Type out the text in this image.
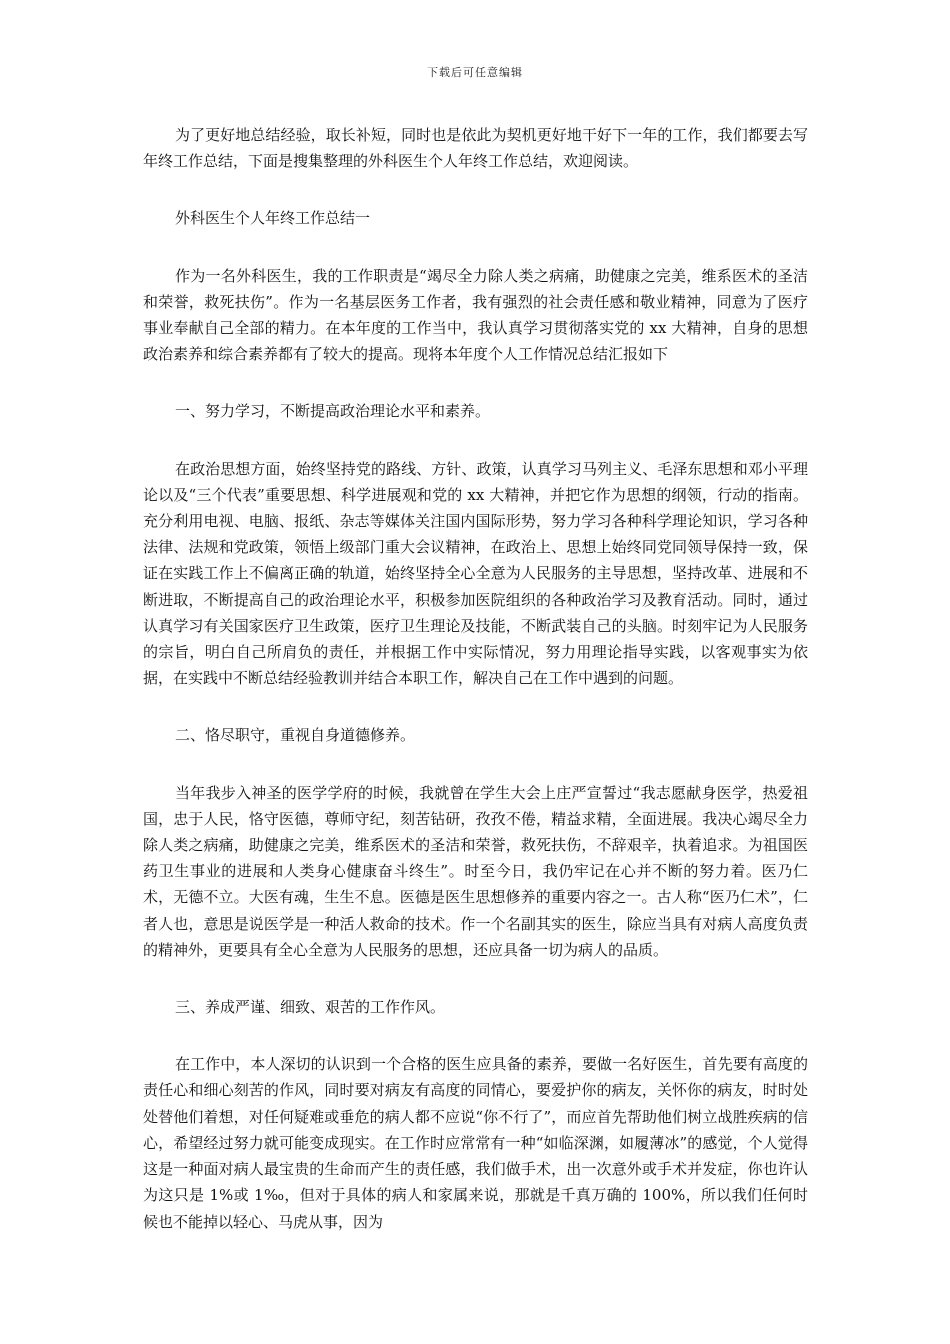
下载后可任意编辑

为了更好地总结经验，取长补短，同时也是依此为契机更好地干好下一年的工作，我们都要去写年终工作总结，下面是搜集整理的外科医生个人年终工作总结，欢迎阅读。

外科医生个人年终工作总结一

作为一名外科医生，我的工作职责是“竭尽全力除人类之病痛，助健康之完美，维系医术的圣洁和荣誉，救死扶伤”。作为一名基层医务工作者，我有强烈的社会责任感和敬业精神，同意为了医疗事业奉献自己全部的精力。在本年度的工作当中，我认真学习贯彻落实党的 xx 大精神，自身的思想政治素养和综合素养都有了较大的提高。现将本年度个人工作情况总结汇报如下

一、努力学习，不断提高政治理论水平和素养。

在政治思想方面，始终坚持党的路线、方针、政策，认真学习马列主义、毛泽东思想和邓小平理论以及“三个代表”重要思想、科学进展观和党的 xx 大精神，并把它作为思想的纲领，行动的指南。充分利用电视、电脑、报纸、杂志等媒体关注国内国际形势，努力学习各种科学理论知识，学习各种法律、法规和党政策，领悟上级部门重大会议精神，在政治上、思想上始终同党同领导保持一致，保证在实践工作上不偏离正确的轨道，始终坚持全心全意为人民服务的主导思想，坚持改革、进展和不断进取，不断提高自己的政治理论水平，积极参加医院组织的各种政治学习及教育活动。同时，通过认真学习有关国家医疗卫生政策，医疗卫生理论及技能，不断武装自己的头脑。时刻牢记为人民服务的宗旨，明白自己所肩负的责任，并根据工作中实际情况，努力用理论指导实践，以客观事实为依据，在实践中不断总结经验教训并结合本职工作，解决自己在工作中遇到的问题。

二、恪尽职守，重视自身道德修养。

当年我步入神圣的医学学府的时候，我就曾在学生大会上庄严宣誓过“我志愿献身医学，热爱祖国，忠于人民，恪守医德，尊师守纪，刻苦钻研，孜孜不倦，精益求精，全面进展。我决心竭尽全力除人类之病痛，助健康之完美，维系医术的圣洁和荣誉，救死扶伤，不辞艰辛，执着追求。为祖国医药卫生事业的进展和人类身心健康奋斗终生”。时至今日，我仍牢记在心并不断的努力着。医乃仁术，无德不立。大医有魂，生生不息。医德是医生思想修养的重要内容之一。古人称“医乃仁术”，仁者人也，意思是说医学是一种活人救命的技术。作一个名副其实的医生，除应当具有对病人高度负责的精神外，更要具有全心全意为人民服务的思想，还应具备一切为病人的品质。

三、养成严谨、细致、艰苦的工作作风。

在工作中，本人深切的认识到一个合格的医生应具备的素养，要做一名好医生，首先要有高度的责任心和细心刻苦的作风，同时要对病友有高度的同情心，要爱护你的病友，关怀你的病友，时时处处替他们着想，对任何疑难或垂危的病人都不应说“你不行了”，而应首先帮助他们树立战胜疾病的信心，希望经过努力就可能变成现实。在工作时应常常有一种“如临深渊，如履薄冰”的感觉，个人觉得这是一种面对病人最宝贵的生命而产生的责任感，我们做手术，出一次意外或手术并发症，你也许认为这只是 1%或 1‰，但对于具体的病人和家属来说，那就是千真万确的 100%，所以我们任何时候也不能掉以轻心、马虎从事，因为
